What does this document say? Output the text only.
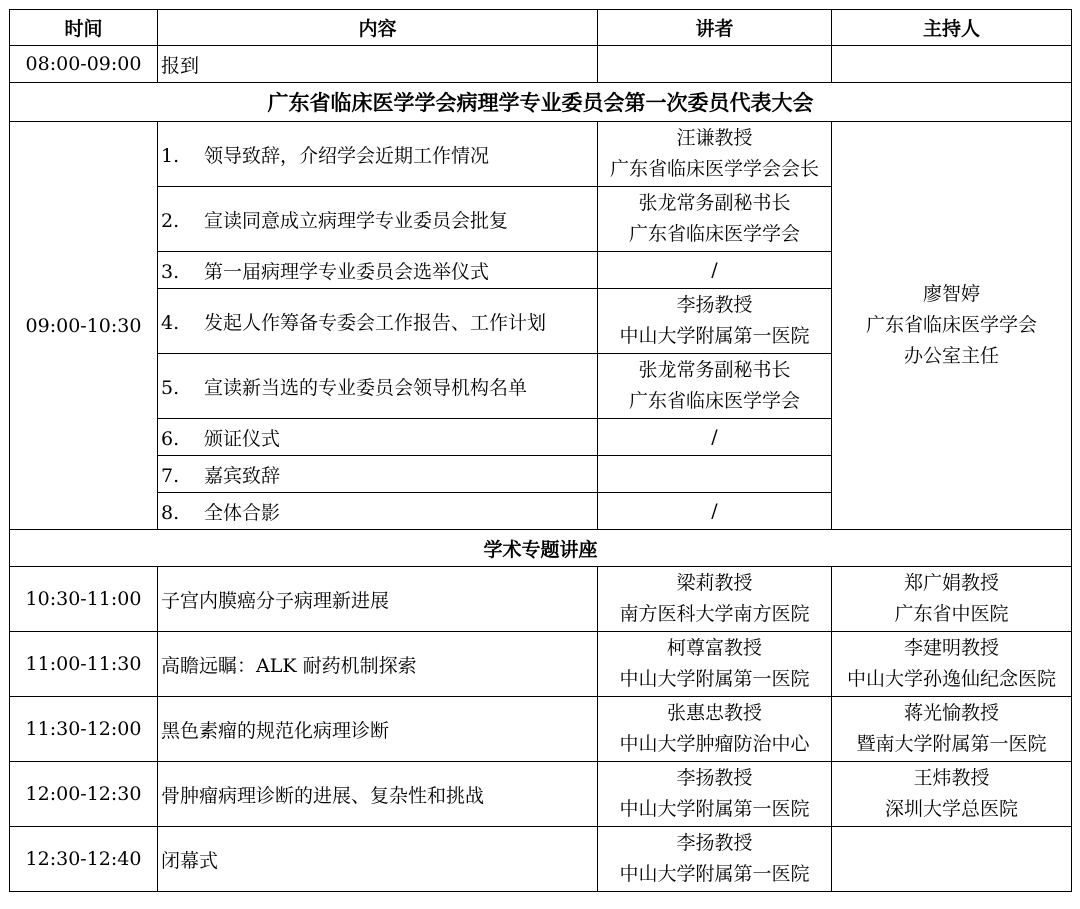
时间	内容	讲者	主持人
08:00-09:00	报到		
广东省临床医学学会病理学专业委员会第一次委员代表大会			
09:00-10:30	1. 领导致辞，介绍学会近期工作情况	汪谦教授
广东省临床医学学会会长	廖智婷
广东省临床医学学会
办公室主任

	2. 宣读同意成立病理学专业委员会批复	张龙常务副秘书长
广东省临床医学学会	

	3. 第一届病理学专业委员会选举仪式	/	
	4. 发起人作筹备专委会工作报告、工作计划	李扬教授
中山大学附属第一医院	

	5. 宣读新当选的专业委员会领导机构名单	张龙常务副秘书长
广东省临床医学学会	

	6. 颁证仪式	/	
	7. 嘉宾致辞		
	8. 全体合影	/	
学术专题讲座			
10:30-11:00	子宫内膜癌分子病理新进展	梁莉教授
南方医科大学南方医院	郑广娟教授
广东省中医院

11:00-11:30	高瞻远瞩：ALK 耐药机制探索	柯尊富教授
中山大学附属第一医院	李建明教授
中山大学孙逸仙纪念医院

11:30-12:00	黑色素瘤的规范化病理诊断	张惠忠教授
中山大学肿瘤防治中心	蒋光愉教授
暨南大学附属第一医院

12:00-12:30	骨肿瘤病理诊断的进展、复杂性和挑战	李扬教授
中山大学附属第一医院	王炜教授
深圳大学总医院

12:30-12:40	闭幕式	李扬教授
中山大学附属第一医院	
